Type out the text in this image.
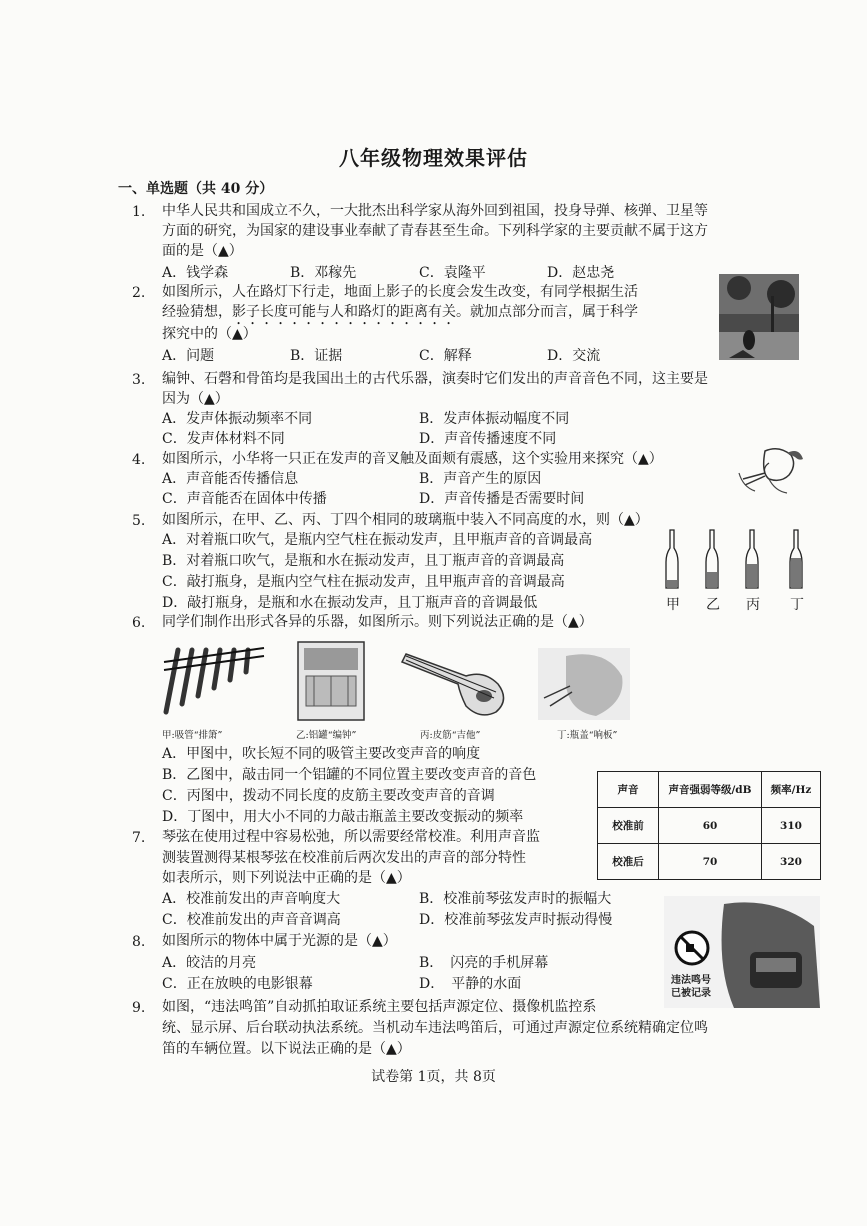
八年级物理效果评估
一、单选题（共 40 分）
1. 中华人民共和国成立不久，一大批杰出科学家从海外回到祖国，投身导弹、核弹、卫星等
方面的研究，为国家的建设事业奉献了青春甚至生命。下列科学家的主要贡献不属于这方
面的是（▲）
A．钱学森	B．邓稼先	C．袁隆平	D．赵忠尧
2. 如图所示，人在路灯下行走，地面上影子的长度会发生改变，有同学根据生活
经验猜想，影子长度可能与人和路灯的距离有关。就加点部分而言，属于科学
探究中的（▲）
A．问题	B．证据	C．解释	D．交流
3. 编钟、石磬和骨笛均是我国出土的古代乐器，演奏时它们发出的声音音色不同，这主要是
因为（▲）
A．发声体振动频率不同	B．发声体振动幅度不同
C．发声体材料不同	D．声音传播速度不同
4. 如图所示，小华将一只正在发声的音叉触及面颊有震感，这个实验用来探究（▲）
A．声音能否传播信息	B．声音产生的原因
C．声音能否在固体中传播	D．声音传播是否需要时间
5. 如图所示，在甲、乙、丙、丁四个相同的玻璃瓶中装入不同高度的水，则（▲）
A．对着瓶口吹气，是瓶内空气柱在振动发声，且甲瓶声音的音调最高
B．对着瓶口吹气，是瓶和水在振动发声，且丁瓶声音的音调最高
C．敲打瓶身，是瓶内空气柱在振动发声，且甲瓶声音的音调最高
D．敲打瓶身，是瓶和水在振动发声，且丁瓶声音的音调最低	甲 乙 丙 丁
6. 同学们制作出形式各异的乐器，如图所示。则下列说法正确的是（▲）
甲:吸管“排箫”	乙:铝罐“编钟”	丙:皮筋“吉他”	丁:瓶盖“响板”
A．甲图中，吹长短不同的吸管主要改变声音的响度
B．乙图中，敲击同一个铝罐的不同位置主要改变声音的音色
C．丙图中，拨动不同长度的皮筋主要改变声音的音调
D．丁图中，用大小不同的力敲击瓶盖主要改变振动的频率
声音	声音强弱等级/dB	频率/Hz
校准前	60	310
校准后	70	320
7. 琴弦在使用过程中容易松弛，所以需要经常校准。利用声音监
测装置测得某根琴弦在校准前后两次发出的声音的部分特性
如表所示，则下列说法中正确的是（▲）
A．校准前发出的声音响度大	B．校准前琴弦发声时的振幅大
C．校准前发出的声音音调高	D．校准前琴弦发声时振动得慢
8. 如图所示的物体中属于光源的是（▲）
A．皎洁的月亮	B．　闪亮的手机屏幕
C．正在放映的电影银幕	D．　平静的水面	违法鸣号
已被记录
9. 如图，“违法鸣笛”自动抓拍取证系统主要包括声源定位、摄像机监控系
统、显示屏、后台联动执法系统。当机动车违法鸣笛后，可通过声源定位系统精确定位鸣
笛的车辆位置。以下说法正确的是（▲）
试卷第 1页，共 8页
